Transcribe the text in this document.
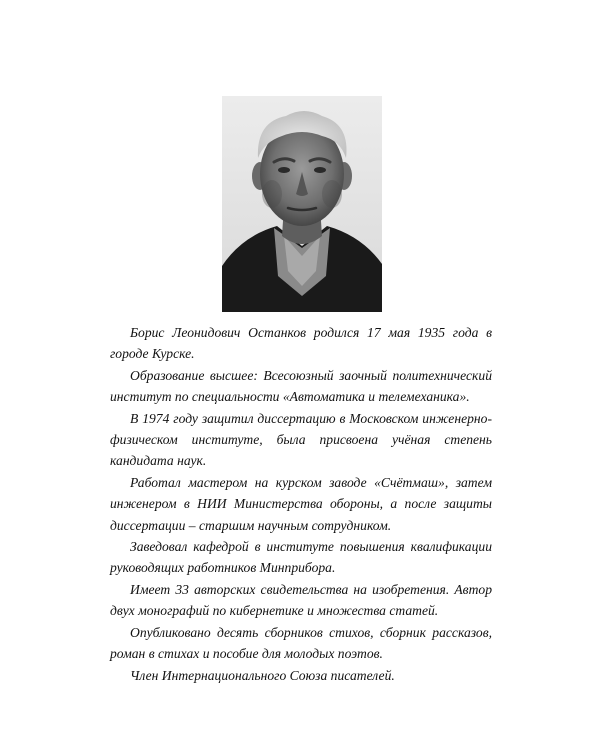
Борис Леонидович Останков родился 17 мая 1935 года в городе Курске.

Образование высшее: Всесоюзный заочный политехнический институт по специальности «Автоматика и телемеханика».

В 1974 году защитил диссертацию в Московском инженерно-физическом институте, была присвоена учёная степень кандидата наук.

Работал мастером на курском заводе «Счётмаш», затем инженером в НИИ Министерства обороны, а после защиты диссертации – старшим научным сотрудником.

Заведовал кафедрой в институте повышения квалификации руководящих работников Минприбора.

Имеет 33 авторских свидетельства на изобретения. Автор двух монографий по кибернетике и множества статей.

Опубликовано десять сборников стихов, сборник рассказов, роман в стихах и пособие для молодых поэтов.

Член Интернационального Союза писателей.
